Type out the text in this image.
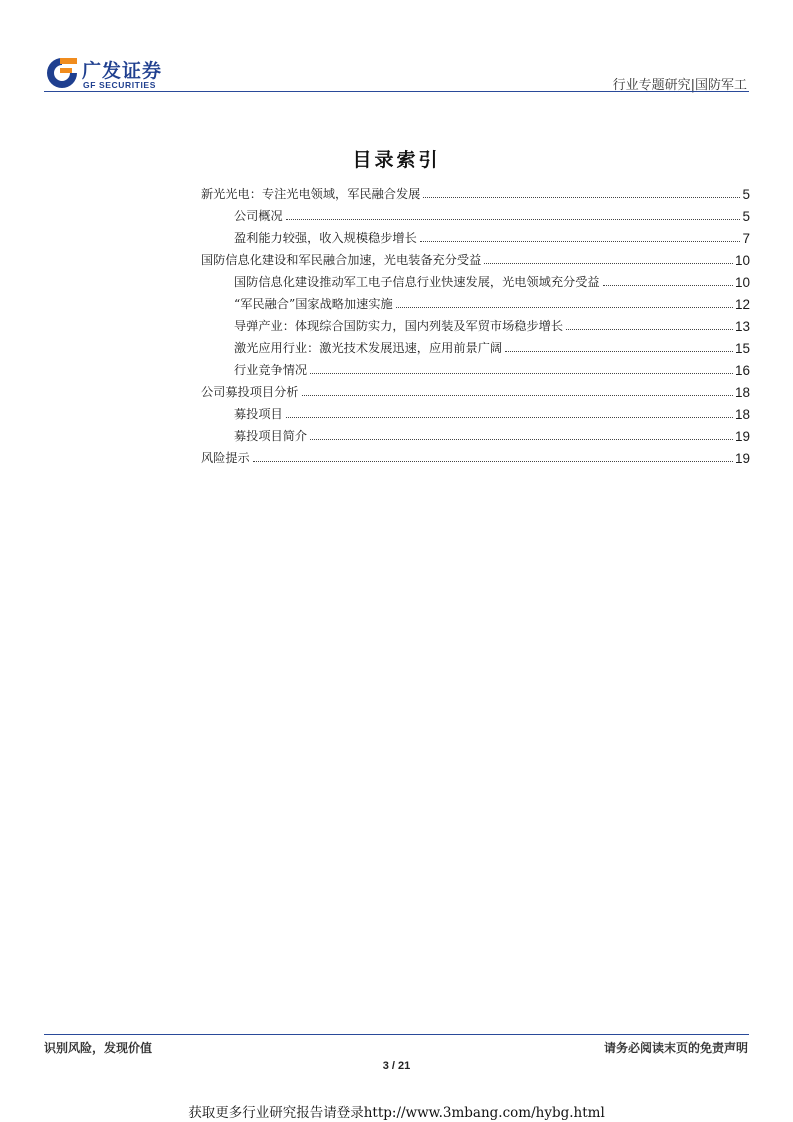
广发证券
GF SECURITIES	行业专题研究|国防军工
目录索引
新光光电：专注光电领域，军民融合发展	5
公司概况	5
盈利能力较强，收入规模稳步增长	7
国防信息化建设和军民融合加速，光电装备充分受益	10
国防信息化建设推动军工电子信息行业快速发展，光电领域充分受益	10
“军民融合”国家战略加速实施	12
导弹产业：体现综合国防实力，国内列装及军贸市场稳步增长	13
激光应用行业：激光技术发展迅速，应用前景广阔	15
行业竞争情况	16
公司募投项目分析	18
募投项目	18
募投项目简介	19
风险提示	19
识别风险，发现价值	请务必阅读末页的免责声明
3 / 21
获取更多行业研究报告请登录http://www.3mbang.com/hybg.html
